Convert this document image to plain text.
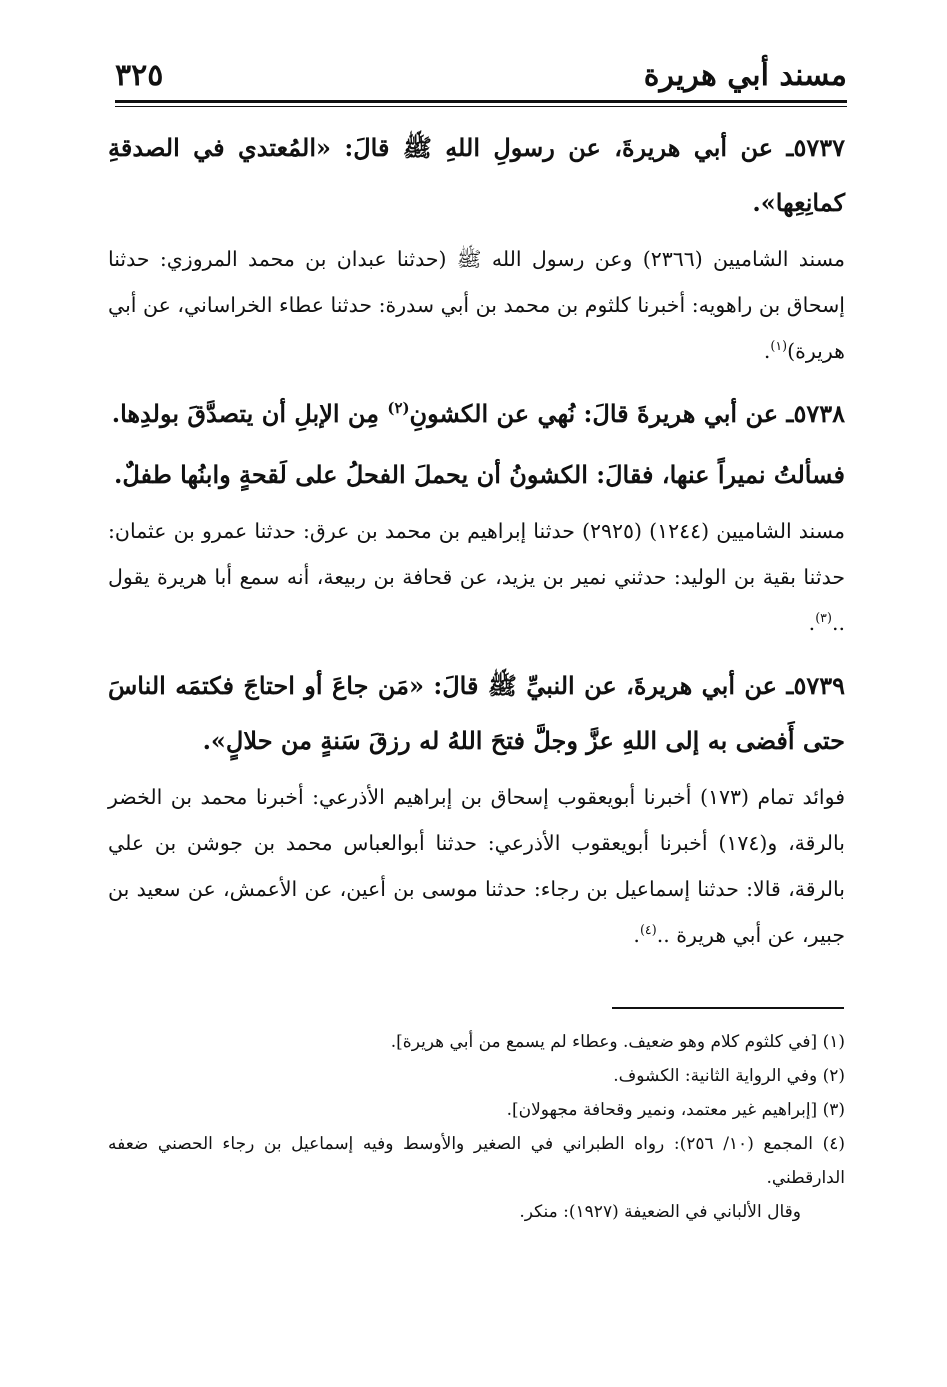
مسند أبي هريرة
٣٢٥

٥٧٣٧ـ عن أبي هريرةَ، عن رسولِ اللهِ ﷺ قالَ: «المُعتدي في الصدقةِ كمانِعِها».

مسند الشاميين (٢٣٦٦) وعن رسول الله ﷺ (حدثنا عبدان بن محمد المروزي: حدثنا إسحاق بن راهويه: أخبرنا كلثوم بن محمد بن أبي سدرة: حدثنا عطاء الخراساني، عن أبي هريرة)$^{(١)}$.

٥٧٣٨ـ عن أبي هريرةَ قالَ: نُهي عن الكشونِ$^{(٢)}$ مِن الإبلِ أن يتصدَّقَ بولدِها.

فسألتُ نميراً عنها، فقالَ: الكشونُ أن يحملَ الفحلُ على لَقحةٍ وابنُها طفلٌ.

مسند الشاميين (١٢٤٤) (٢٩٢٥) حدثنا إبراهيم بن محمد بن عرق: حدثنا عمرو بن عثمان: حدثنا بقية بن الوليد: حدثني نمير بن يزيد، عن قحافة بن ربيعة، أنه سمع أبا هريرة يقول ..$^{(٣)}$.

٥٧٣٩ـ عن أبي هريرةَ، عن النبيِّ ﷺ قالَ: «مَن جاعَ أو احتاجَ فكتمَه الناسَ حتى أَفضى به إلى اللهِ عزَّ وجلَّ فتحَ اللهُ له رزقَ سَنةٍ من حلالٍ».

فوائد تمام (١٧٣) أخبرنا أبويعقوب إسحاق بن إبراهيم الأذرعي: أخبرنا محمد بن الخضر بالرقة، و(١٧٤) أخبرنا أبويعقوب الأذرعي: حدثنا أبوالعباس محمد بن جوشن بن علي بالرقة، قالا: حدثنا إسماعيل بن رجاء: حدثنا موسى بن أعين، عن الأعمش، عن سعيد بن جبير، عن أبي هريرة ..$^{(٤)}$.

(١) [في كلثوم كلام وهو ضعيف. وعطاء لم يسمع من أبي هريرة].

(٢) وفي الرواية الثانية: الكشوف.

(٣) [إبراهيم غير معتمد، ونمير وقحافة مجهولان].

(٤) المجمع (١٠/ ٢٥٦): رواه الطبراني في الصغير والأوسط وفيه إسماعيل بن رجاء الحصني ضعفه الدارقطني.

وقال الألباني في الضعيفة (١٩٢٧): منكر.
